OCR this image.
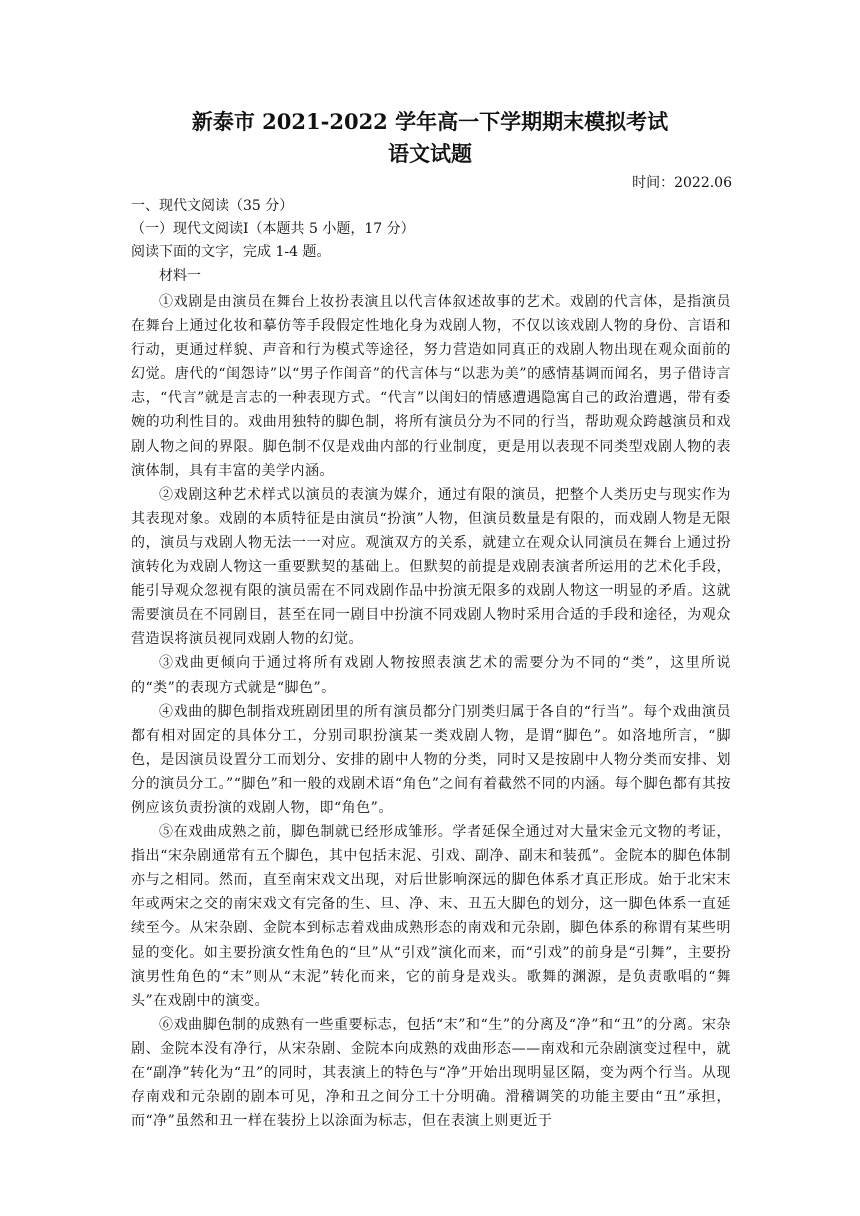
新泰市 2021-2022 学年高一下学期期末模拟考试
语文试题
时间：2022.06
一、现代文阅读（35 分）
（一）现代文阅读Ⅰ（本题共 5 小题，17 分）
阅读下面的文字，完成 1-4 题。
材料一

①戏剧是由演员在舞台上妆扮表演且以代言体叙述故事的艺术。戏剧的代言体，是指演员在舞台上通过化妆和摹仿等手段假定性地化身为戏剧人物，不仅以该戏剧人物的身份、言语和行动，更通过样貌、声音和行为模式等途径，努力营造如同真正的戏剧人物出现在观众面前的幻觉。唐代的“闺怨诗”以“男子作闺音”的代言体与“以悲为美”的感情基调而闻名，男子借诗言志，“代言”就是言志的一种表现方式。“代言”以闺妇的情感遭遇隐寓自己的政治遭遇，带有委婉的功利性目的。戏曲用独特的脚色制，将所有演员分为不同的行当，帮助观众跨越演员和戏剧人物之间的界限。脚色制不仅是戏曲内部的行业制度，更是用以表现不同类型戏剧人物的表演体制，具有丰富的美学内涵。

②戏剧这种艺术样式以演员的表演为媒介，通过有限的演员，把整个人类历史与现实作为其表现对象。戏剧的本质特征是由演员“扮演”人物，但演员数量是有限的，而戏剧人物是无限的，演员与戏剧人物无法一一对应。观演双方的关系，就建立在观众认同演员在舞台上通过扮演转化为戏剧人物这一重要默契的基础上。但默契的前提是戏剧表演者所运用的艺术化手段，能引导观众忽视有限的演员需在不同戏剧作品中扮演无限多的戏剧人物这一明显的矛盾。这就需要演员在不同剧目，甚至在同一剧目中扮演不同戏剧人物时采用合适的手段和途径，为观众营造误将演员视同戏剧人物的幻觉。

③戏曲更倾向于通过将所有戏剧人物按照表演艺术的需要分为不同的“类”，这里所说的“类”的表现方式就是“脚色”。

④戏曲的脚色制指戏班剧团里的所有演员都分门别类归属于各自的“行当”。每个戏曲演员都有相对固定的具体分工，分别司职扮演某一类戏剧人物，是谓“脚色”。如洛地所言，“脚色，是因演员设置分工而划分、安排的剧中人物的分类，同时又是按剧中人物分类而安排、划分的演员分工。”“脚色”和一般的戏剧术语“角色”之间有着截然不同的内涵。每个脚色都有其按例应该负责扮演的戏剧人物，即“角色”。

⑤在戏曲成熟之前，脚色制就已经形成雏形。学者延保全通过对大量宋金元文物的考证，指出“宋杂剧通常有五个脚色，其中包括末泥、引戏、副净、副末和装孤”。金院本的脚色体制亦与之相同。然而，直至南宋戏文出现，对后世影响深远的脚色体系才真正形成。始于北宋末年或两宋之交的南宋戏文有完备的生、旦、净、末、丑五大脚色的划分，这一脚色体系一直延续至今。从宋杂剧、金院本到标志着戏曲成熟形态的南戏和元杂剧，脚色体系的称谓有某些明显的变化。如主要扮演女性角色的“旦”从“引戏”演化而来，而“引戏”的前身是“引舞”，主要扮演男性角色的“末”则从“末泥”转化而来，它的前身是戏头。歌舞的渊源，是负责歌唱的“舞头”在戏剧中的演变。

⑥戏曲脚色制的成熟有一些重要标志，包括“末”和“生”的分离及“净”和“丑”的分离。宋杂剧、金院本没有净行，从宋杂剧、金院本向成熟的戏曲形态——南戏和元杂剧演变过程中，就在“副净”转化为“丑”的同时，其表演上的特色与“净”开始出现明显区隔，变为两个行当。从现存南戏和元杂剧的剧本可见，净和丑之间分工十分明确。滑稽调笑的功能主要由“丑”承担，而“净”虽然和丑一样在装扮上以涂面为标志，但在表演上则更近于
